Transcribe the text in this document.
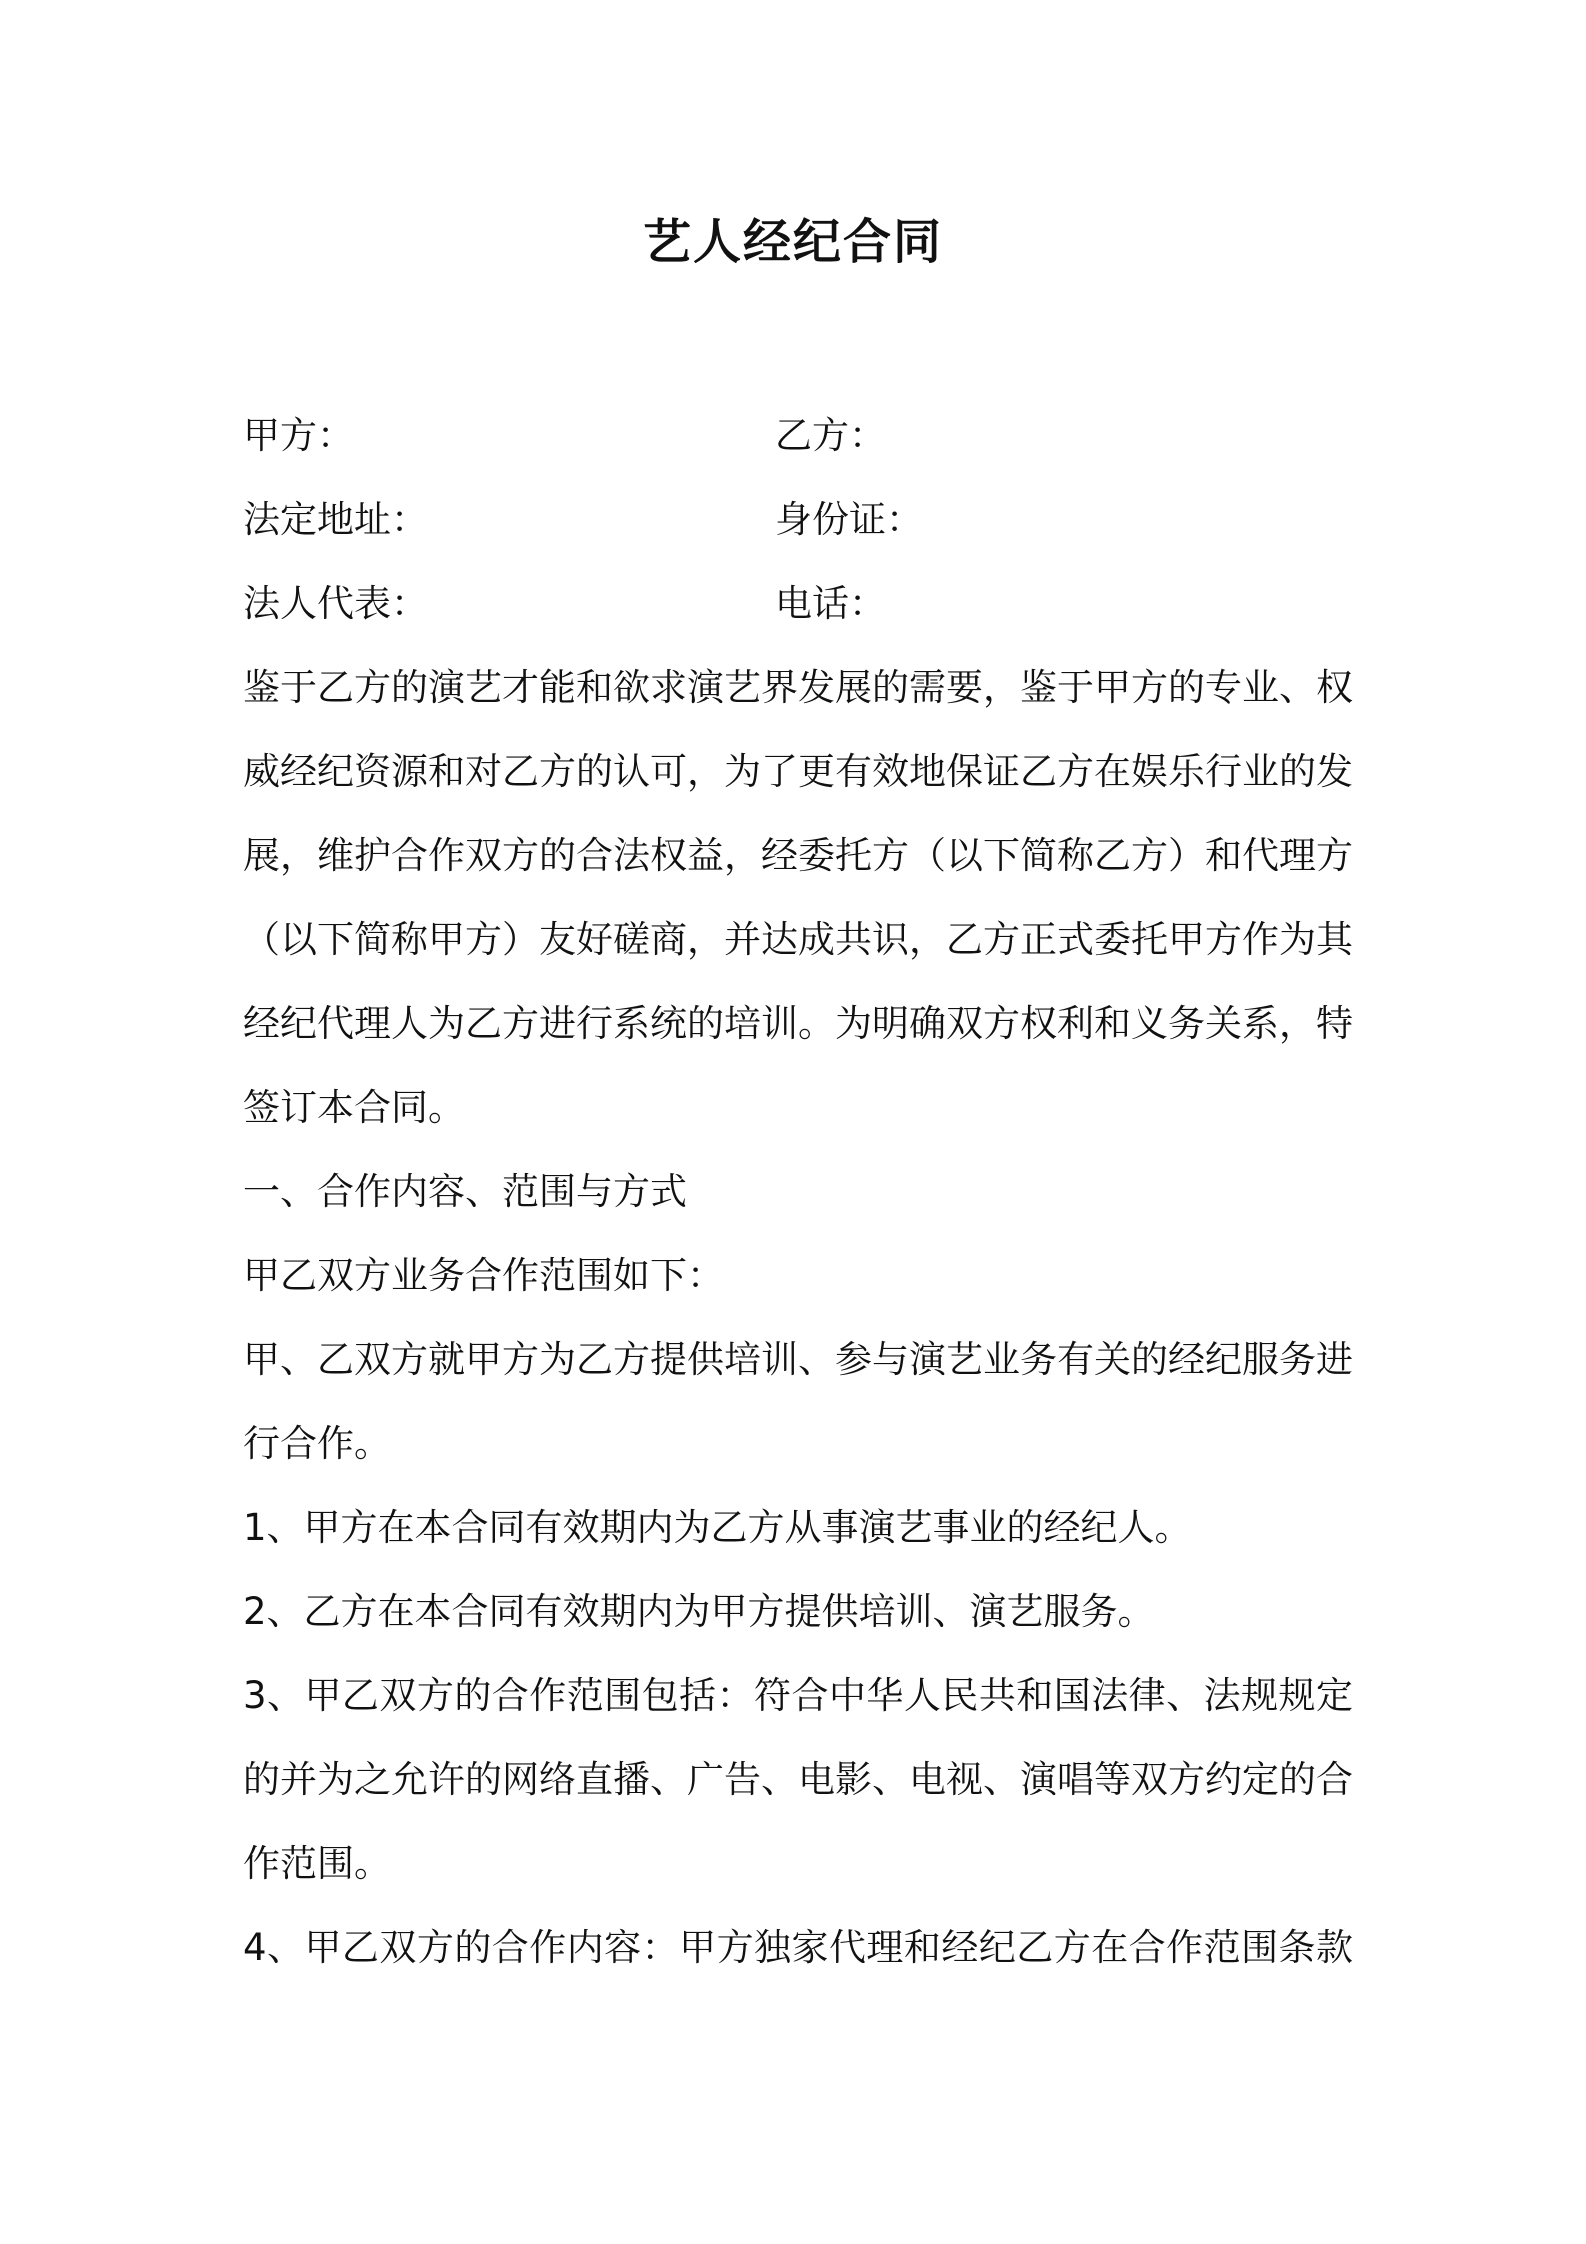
艺人经纪合同
甲方：	乙方：
法定地址：	身份证：
法人代表：	电话：
鉴于乙方的演艺才能和欲求演艺界发展的需要，鉴于甲方的专业、权
威经纪资源和对乙方的认可，为了更有效地保证乙方在娱乐行业的发
展，维护合作双方的合法权益，经委托方（以下简称乙方）和代理方
（以下简称甲方）友好磋商，并达成共识，乙方正式委托甲方作为其
经纪代理人为乙方进行系统的培训。为明确双方权利和义务关系，特
签订本合同。
一、合作内容、范围与方式
甲乙双方业务合作范围如下：
甲、乙双方就甲方为乙方提供培训、参与演艺业务有关的经纪服务进
行合作。
1、甲方在本合同有效期内为乙方从事演艺事业的经纪人。
2、乙方在本合同有效期内为甲方提供培训、演艺服务。
3、甲乙双方的合作范围包括：符合中华人民共和国法律、法规规定
的并为之允许的网络直播、广告、电影、电视、演唱等双方约定的合
作范围。
4、甲乙双方的合作内容：甲方独家代理和经纪乙方在合作范围条款
